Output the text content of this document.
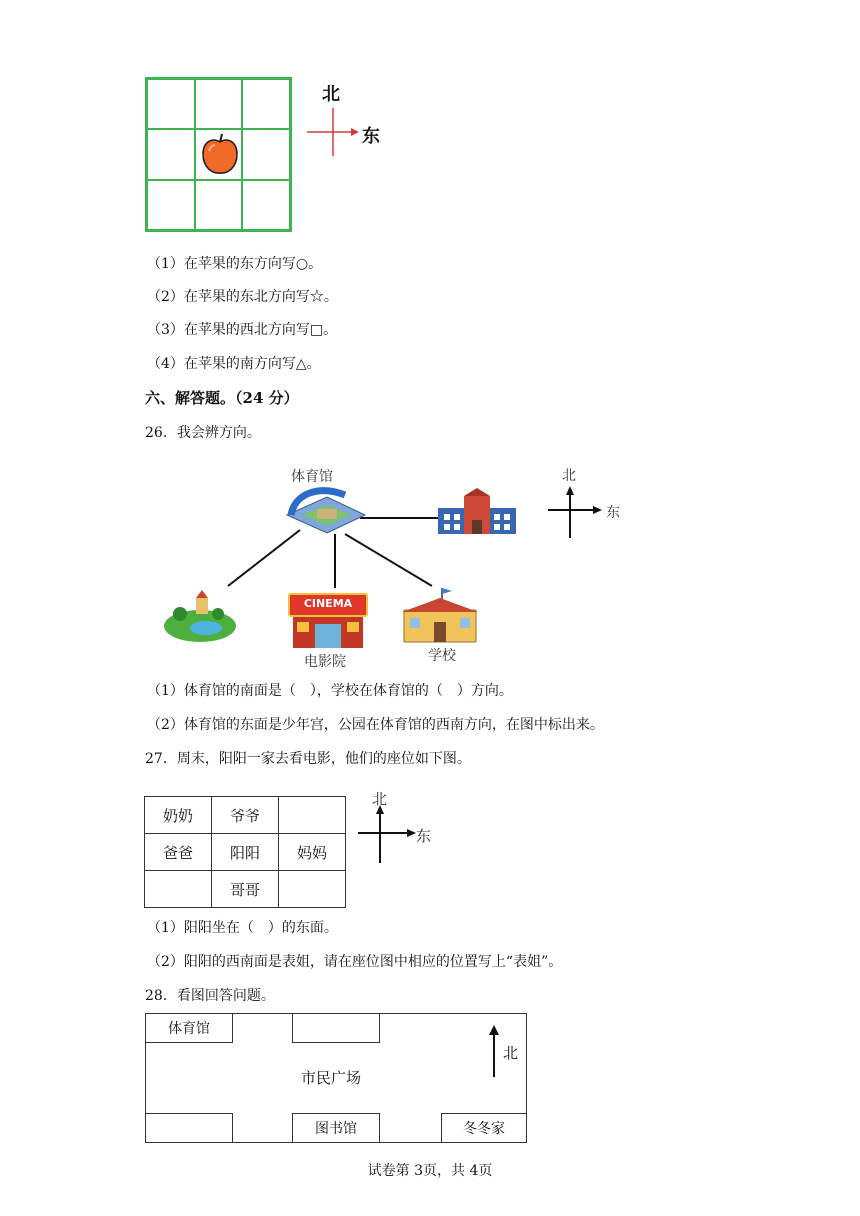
北
东
（1）在苹果的东方向写○。
（2）在苹果的东北方向写☆。
（3）在苹果的西北方向写□。
（4）在苹果的南方向写△。
六、解答题。（24 分）
26．我会辨方向。
体育馆	北
东
CINEMA
电影院	学校
（1）体育馆的南面是（　），学校在体育馆的（　）方向。
（2）体育馆的东面是少年宫，公园在体育馆的西南方向，在图中标出来。
27．周末，阳阳一家去看电影，他们的座位如下图。
奶奶	爷爷	
爸爸	阳阳	妈妈
	哥哥	
北
东
（1）阳阳坐在（　）的东面。
（2）阳阳的西南面是表姐，请在座位图中相应的位置写上“表姐”。
28．看图回答问题。
体育馆
图书馆	冬冬家
市民广场
北
试卷第 3页，共 4页
